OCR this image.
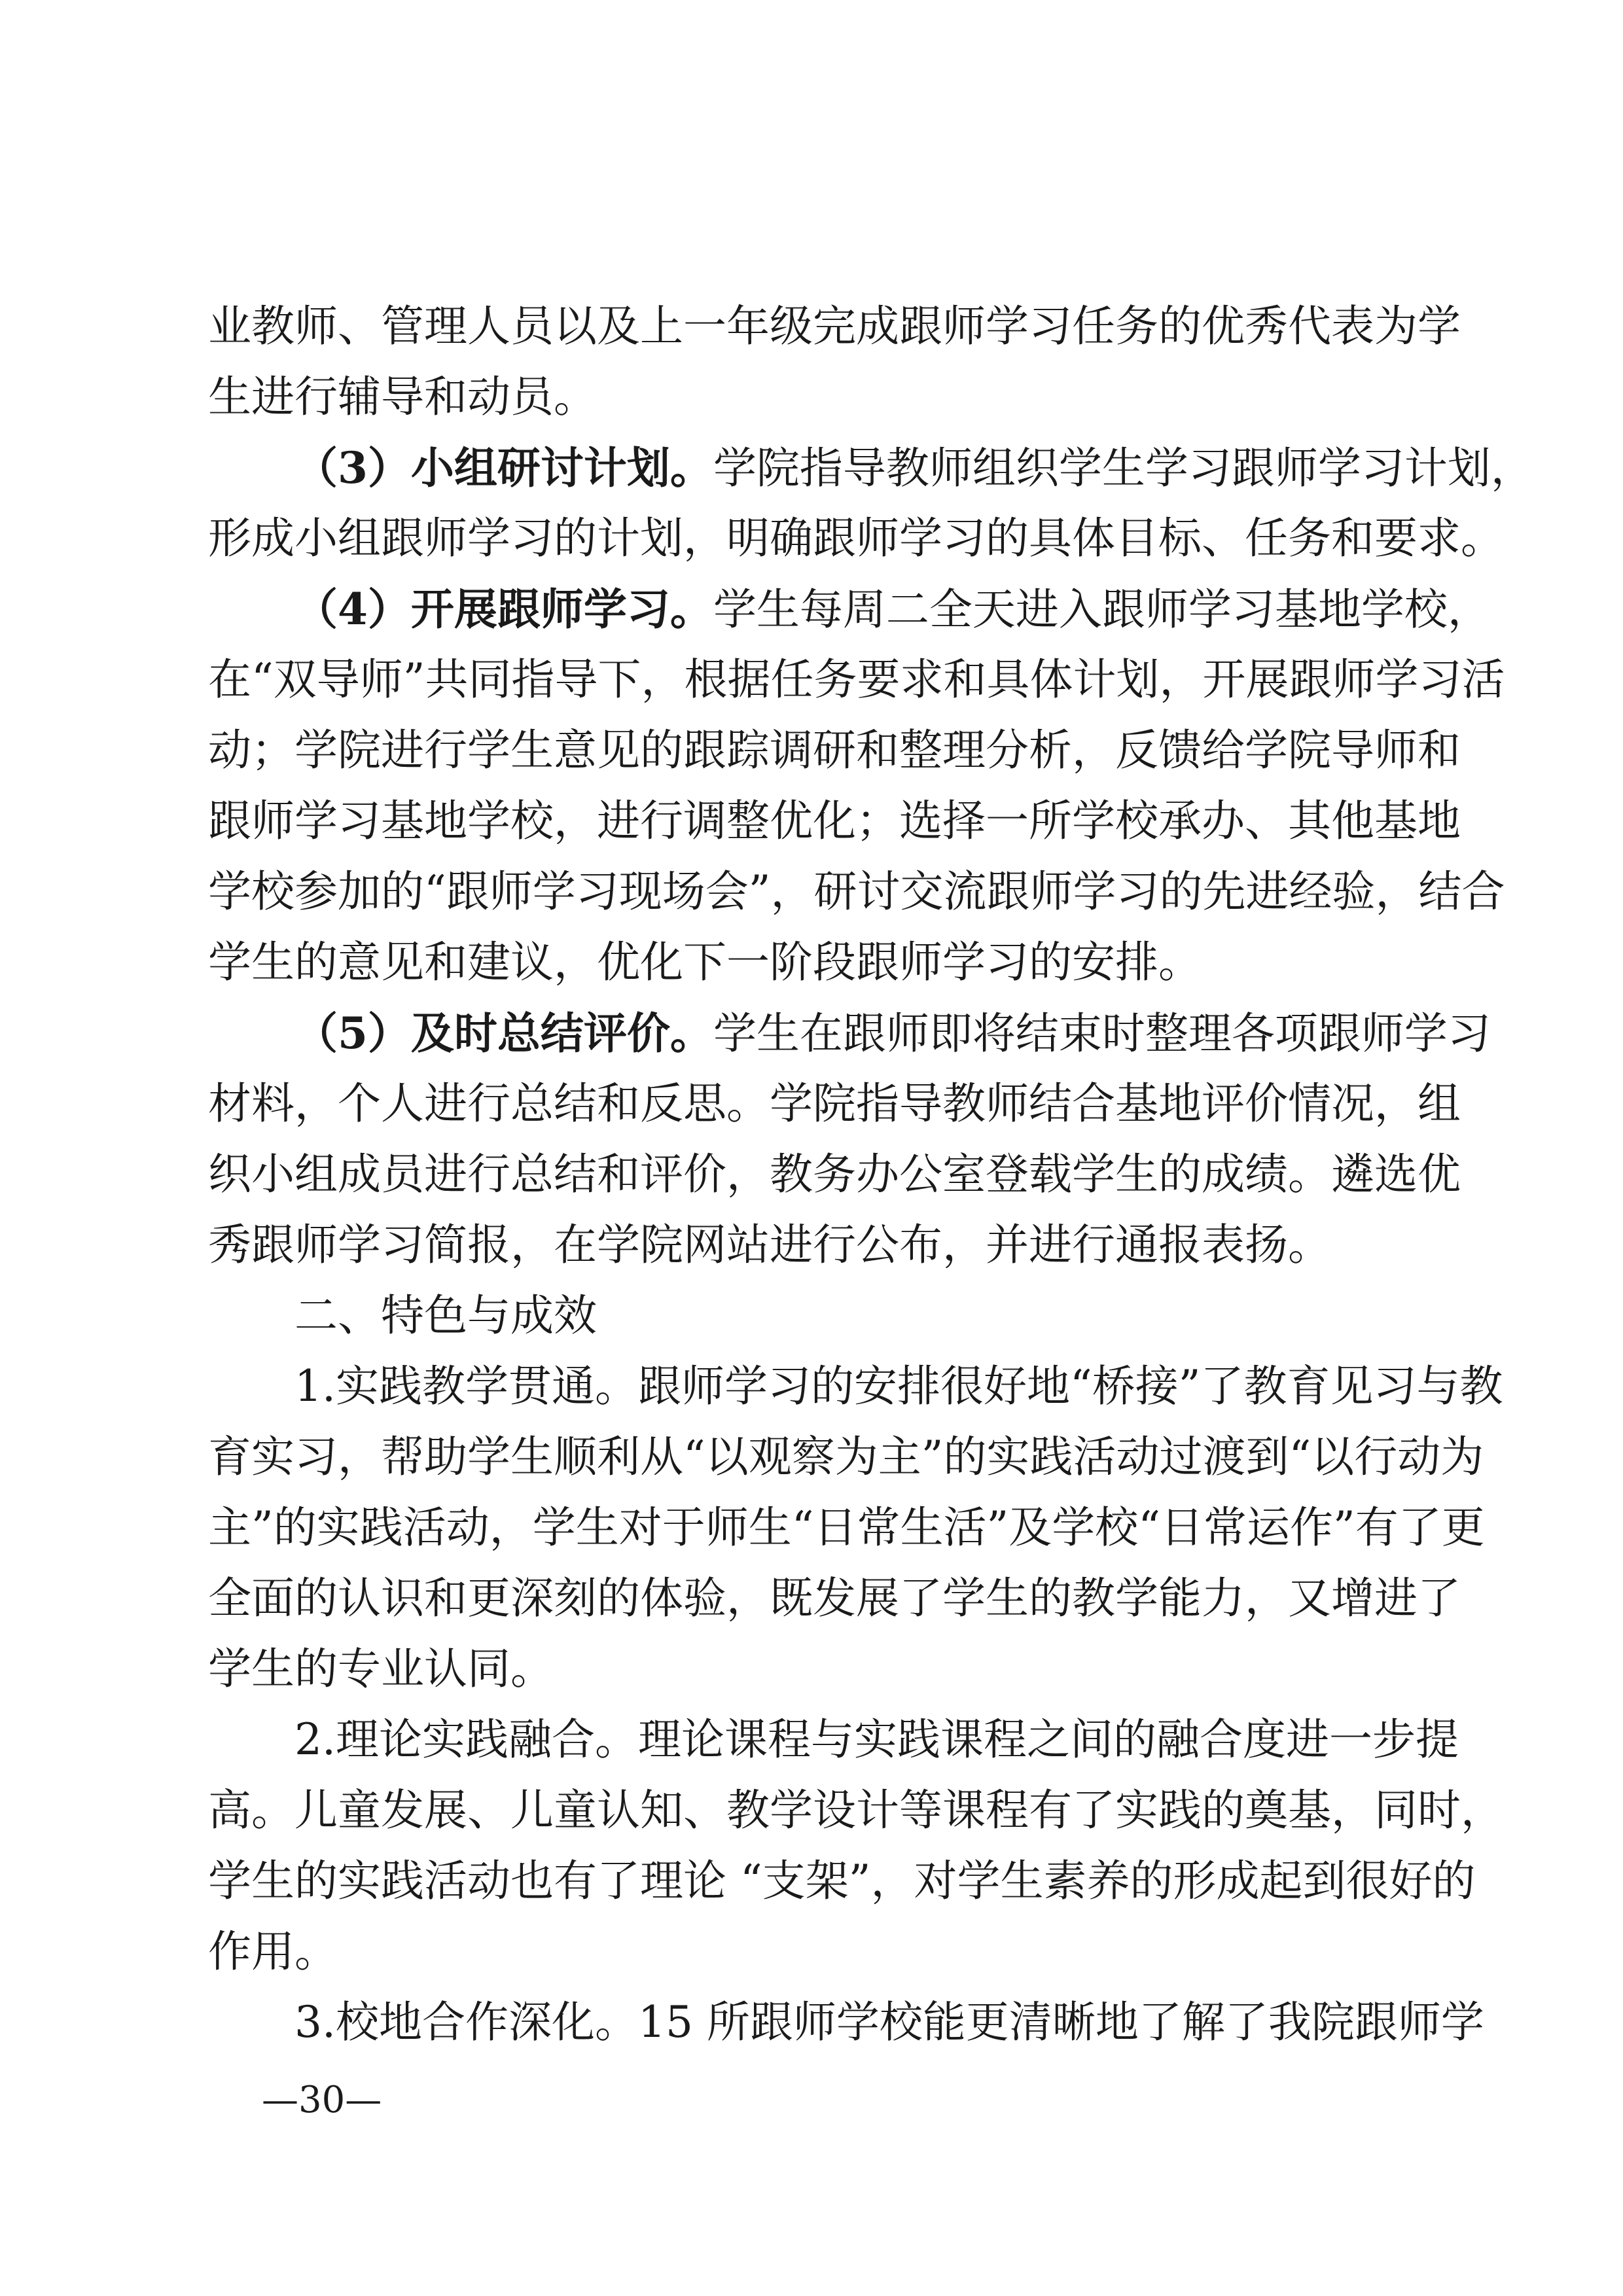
业教师、管理人员以及上一年级完成跟师学习任务的优秀代表为学
生进行辅导和动员。
（3）小组研讨计划。学院指导教师组织学生学习跟师学习计划，
形成小组跟师学习的计划，明确跟师学习的具体目标、任务和要求。
（4）开展跟师学习。学生每周二全天进入跟师学习基地学校，
在“双导师”共同指导下，根据任务要求和具体计划，开展跟师学习活
动；学院进行学生意见的跟踪调研和整理分析，反馈给学院导师和
跟师学习基地学校，进行调整优化；选择一所学校承办、其他基地
学校参加的“跟师学习现场会”，研讨交流跟师学习的先进经验，结合
学生的意见和建议，优化下一阶段跟师学习的安排。
（5）及时总结评价。学生在跟师即将结束时整理各项跟师学习
材料，个人进行总结和反思。学院指导教师结合基地评价情况，组
织小组成员进行总结和评价，教务办公室登载学生的成绩。遴选优
秀跟师学习简报，在学院网站进行公布，并进行通报表扬。
二、特色与成效
1.实践教学贯通。跟师学习的安排很好地“桥接”了教育见习与教
育实习，帮助学生顺利从“以观察为主”的实践活动过渡到“以行动为
主”的实践活动，学生对于师生“日常生活”及学校“日常运作”有了更
全面的认识和更深刻的体验，既发展了学生的教学能力，又增进了
学生的专业认同。
2.理论实践融合。理论课程与实践课程之间的融合度进一步提
高。儿童发展、儿童认知、教学设计等课程有了实践的奠基，同时，
学生的实践活动也有了理论 “支架”，对学生素养的形成起到很好的
作用。
3.校地合作深化。15 所跟师学校能更清晰地了解了我院跟师学
—30—
